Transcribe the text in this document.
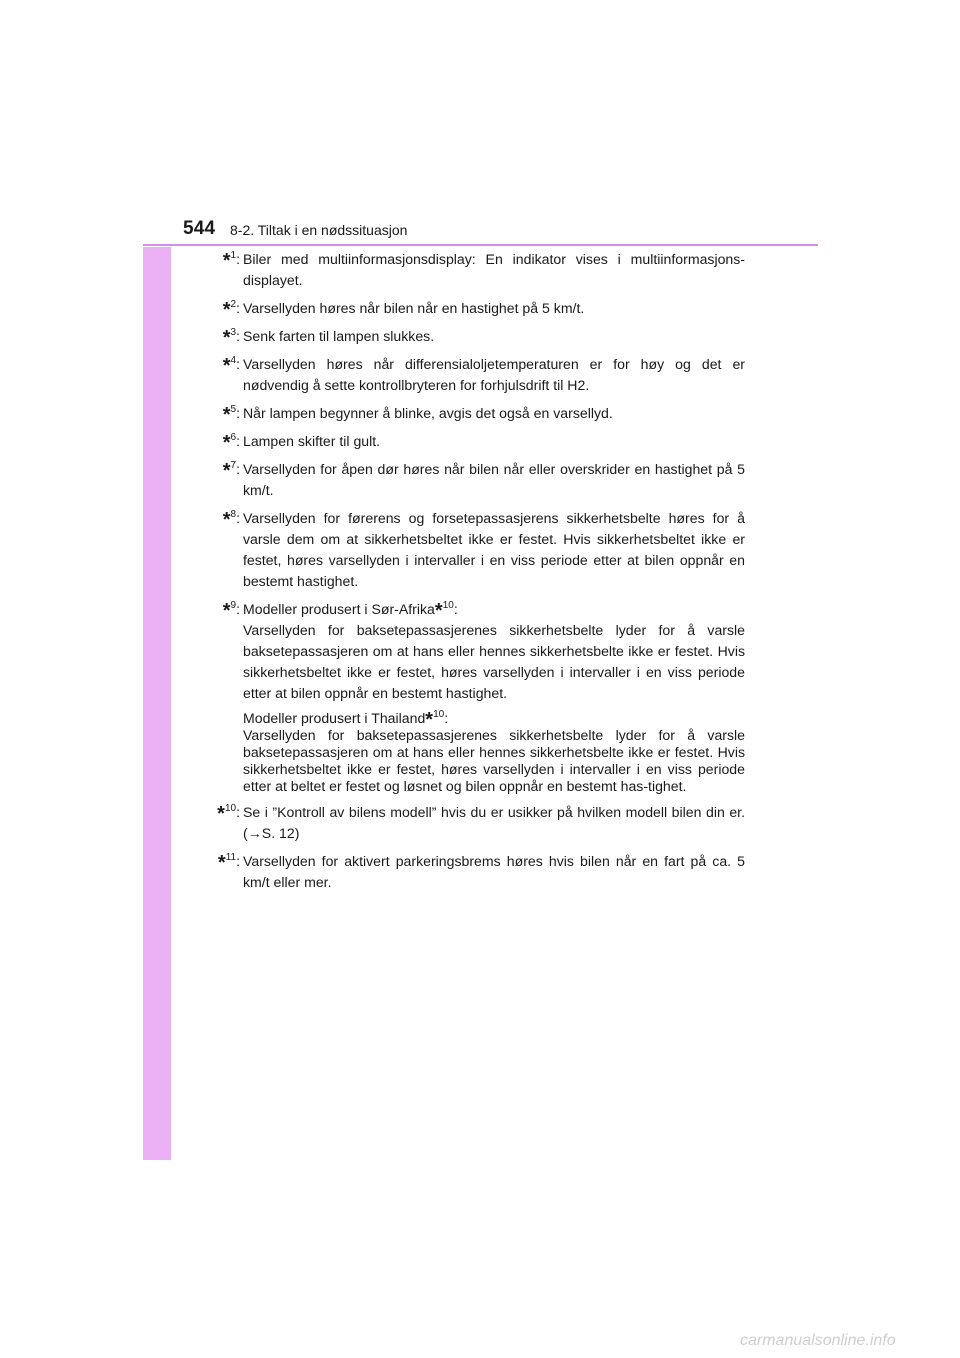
544 8-2. Tiltak i en nødssituasjon
*$^1$: Biler med multiinformasjonsdisplay: En indikator vises i multiinformasjons-displayet.
*$^2$: Varsellyden høres når bilen når en hastighet på 5 km/t.
*$^3$: Senk farten til lampen slukkes.
*$^4$: Varsellyden høres når differensialoljetemperaturen er for høy og det er nødvendig å sette kontrollbryteren for forhjulsdrift til H2.
*$^5$: Når lampen begynner å blinke, avgis det også en varsellyd.
*$^6$: Lampen skifter til gult.
*$^7$: Varsellyden for åpen dør høres når bilen når eller overskrider en hastighet på 5 km/t.
*$^8$: Varsellyden for førerens og forsetepassasjerens sikkerhetsbelte høres for å varsle dem om at sikkerhetsbeltet ikke er festet. Hvis sikkerhetsbeltet ikke er festet, høres varsellyden i intervaller i en viss periode etter at bilen oppnår en bestemt hastighet.
*$^9$: Modeller produsert i Sør-Afrika*$^{10}$:
Varsellyden for baksetepassasjerenes sikkerhetsbelte lyder for å varsle baksetepassasjeren om at hans eller hennes sikkerhetsbelte ikke er festet. Hvis sikkerhetsbeltet ikke er festet, høres varsellyden i intervaller i en viss periode etter at bilen oppnår en bestemt hastighet.
Modeller produsert i Thailand*$^{10}$:
Varsellyden for baksetepassasjerenes sikkerhetsbelte lyder for å varsle baksetepassasjeren om at hans eller hennes sikkerhetsbelte ikke er festet. Hvis sikkerhetsbeltet ikke er festet, høres varsellyden i intervaller i en viss periode etter at beltet er festet og løsnet og bilen oppnår en bestemt has-tighet.
*$^{10}$: Se i ”Kontroll av bilens modell” hvis du er usikker på hvilken modell bilen din er. (→S. 12)
*$^{11}$: Varsellyden for aktivert parkeringsbrems høres hvis bilen når en fart på ca. 5 km/t eller mer.
carmanualsonline.info
